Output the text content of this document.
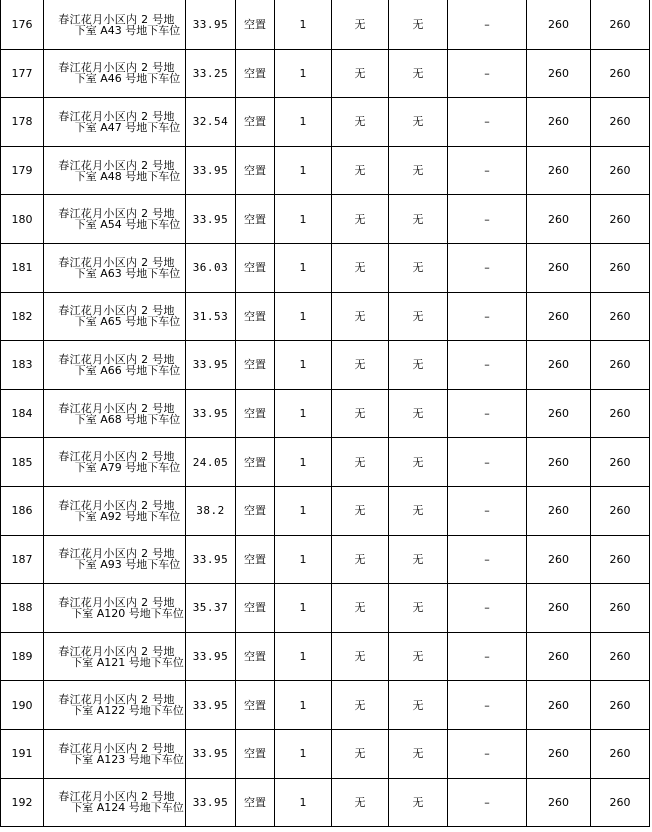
176	春江花月小区内 2 号地
下室 A43 号地下车位	33.95	空置	1	无	无	–	260	260
177	春江花月小区内 2 号地
下室 A46 号地下车位	33.25	空置	1	无	无	–	260	260
178	春江花月小区内 2 号地
下室 A47 号地下车位	32.54	空置	1	无	无	–	260	260
179	春江花月小区内 2 号地
下室 A48 号地下车位	33.95	空置	1	无	无	–	260	260
180	春江花月小区内 2 号地
下室 A54 号地下车位	33.95	空置	1	无	无	–	260	260
181	春江花月小区内 2 号地
下室 A63 号地下车位	36.03	空置	1	无	无	–	260	260
182	春江花月小区内 2 号地
下室 A65 号地下车位	31.53	空置	1	无	无	–	260	260
183	春江花月小区内 2 号地
下室 A66 号地下车位	33.95	空置	1	无	无	–	260	260
184	春江花月小区内 2 号地
下室 A68 号地下车位	33.95	空置	1	无	无	–	260	260
185	春江花月小区内 2 号地
下室 A79 号地下车位	24.05	空置	1	无	无	–	260	260
186	春江花月小区内 2 号地
下室 A92 号地下车位	38.2	空置	1	无	无	–	260	260
187	春江花月小区内 2 号地
下室 A93 号地下车位	33.95	空置	1	无	无	–	260	260
188	春江花月小区内 2 号地
下室 A120 号地下车位	35.37	空置	1	无	无	–	260	260
189	春江花月小区内 2 号地
下室 A121 号地下车位	33.95	空置	1	无	无	–	260	260
190	春江花月小区内 2 号地
下室 A122 号地下车位	33.95	空置	1	无	无	–	260	260
191	春江花月小区内 2 号地
下室 A123 号地下车位	33.95	空置	1	无	无	–	260	260
192	春江花月小区内 2 号地
下室 A124 号地下车位	33.95	空置	1	无	无	–	260	260
